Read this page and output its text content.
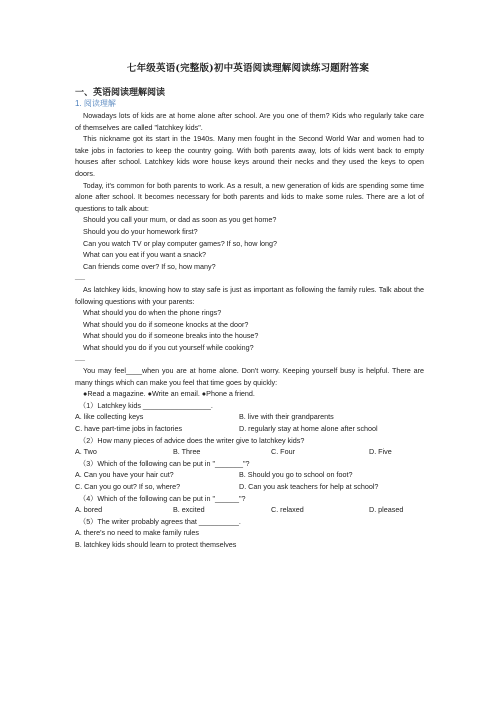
七年级英语(完整版)初中英语阅读理解阅读练习题附答案
一、英语阅读理解阅读
1. 阅读理解

Nowadays lots of kids are at home alone after school. Are you one of them? Kids who regularly take care of themselves are called "latchkey kids".

This nickname got its start in the 1940s. Many men fought in the Second World War and women had to take jobs in factories to keep the country going. With both parents away, lots of kids went back to empty houses after school. Latchkey kids wore house keys around their necks and they used the keys to open doors.

Today, it's common for both parents to work. As a result, a new generation of kids are spending some time alone after school. It becomes necessary for both parents and kids to make some rules. There are a lot of questions to talk about:

Should you call your mum, or dad as soon as you get home?

Should you do your homework first?

Can you watch TV or play computer games? If so, how long?

What can you eat if you want a snack?

Can friends come over? If so, how many?

___

As latchkey kids, knowing how to stay safe is just as important as following the family rules. Talk about the following questions with your parents:

What should you do when the phone rings?

What should you do if someone knocks at the door?

What should you do if someone breaks into the house?

What should you do if you cut yourself while cooking?

___

You may feel____when you are at home alone. Don't worry. Keeping yourself busy is helpful. There are many things which can make you feel that time goes by quickly:

●Read a magazine. ●Write an email. ●Phone a friend.

（1）Latchkey kids _________________.

A. like collecting keys	B. live with their grandparents
C. have part-time jobs in factories	D. regularly stay at home alone after school

（2）How many pieces of advice does the writer give to latchkey kids?

A. Two	B. Three	C. Four	D. Five

（3）Which of the following can be put in "_______"?

A. Can you have your hair cut?	B. Should you go to school on foot?
C. Can you go out? If so, where?	D. Can you ask teachers for help at school?

（4）Which of the following can be put in "______"?

A. bored	B. excited	C. relaxed	D. pleased

（5）The writer probably agrees that __________.

A. there's no need to make family rules
B. latchkey kids should learn to protect themselves
